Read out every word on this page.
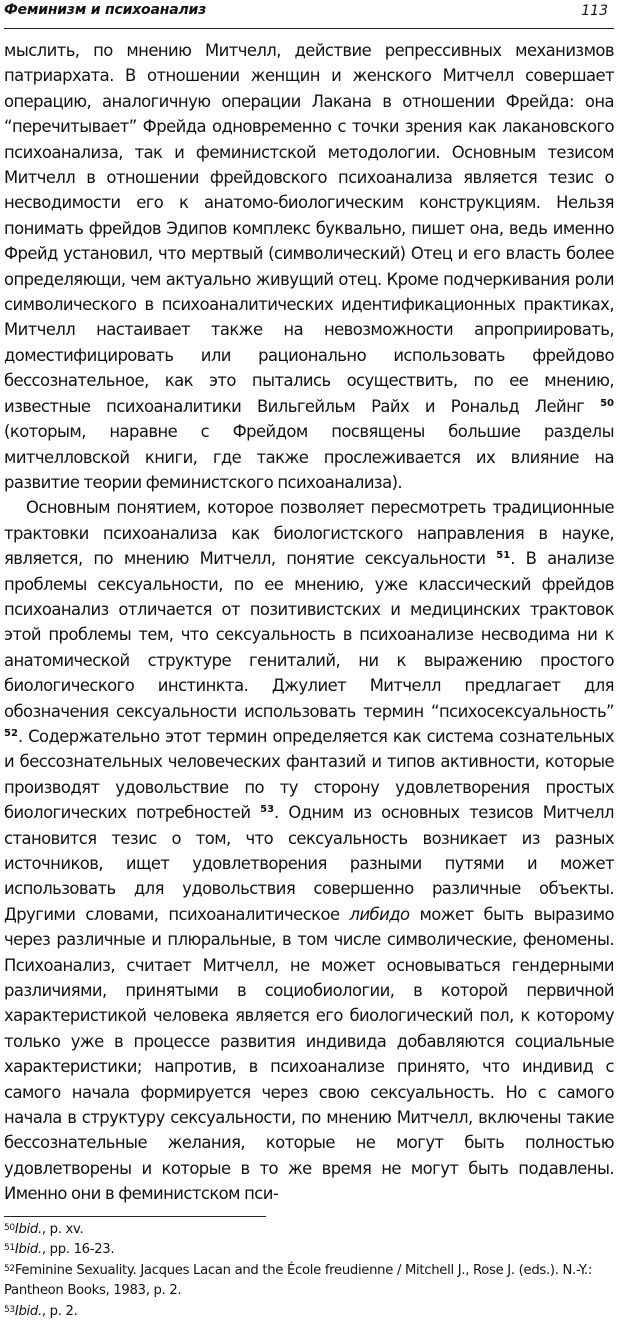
Феминизм и психоанализ	113

мыслить, по мнению Митчелл, действие репрессивных механизмов патриархата. В отношении женщин и женского Митчелл совершает операцию, аналогичную операции Лакана в отношении Фрейда: она “перечитывает” Фрейда одновременно с точки зрения как лакановского психоанализа, так и феминистской методологии. Основным тезисом Митчелл в отношении фрейдовского психоанализа является тезис о несводимости его к анатомо-биологическим конструкциям. Нельзя понимать фрейдов Эдипов комплекс буквально, пишет она, ведь именно Фрейд установил, что мертвый (символический) Отец и его власть более определяющи, чем актуально живущий отец. Кроме подчеркивания роли символического в психоаналитических идентификационных практиках, Митчелл настаивает также на невозможности апроприировать, доместифицировать или рационально использовать фрейдово бессознательное, как это пытались осуществить, по ее мнению, известные психоаналитики Вильгейльм Райх и Рональд Лейнг $^{50}$ (которым, наравне с Фрейдом посвящены большие разделы митчелловской книги, где также прослеживается их влияние на развитие теории феминистского психоанализа).

Основным понятием, которое позволяет пересмотреть традиционные трактовки психоанализа как биологистского направления в науке, является, по мнению Митчелл, понятие сексуальности $^{51}$. В анализе проблемы сексуальности, по ее мнению, уже классический фрейдов психоанализ отличается от позитивистских и медицинских трактовок этой проблемы тем, что сексуальность в психоанализе несводима ни к анатомической структуре гениталий, ни к выражению простого биологического инстинкта. Джулиет Митчелл предлагает для обозначения сексуальности использовать термин “психосексуальность” $^{52}$. Содержательно этот термин определяется как система сознательных и бессознательных человеческих фантазий и типов активности, которые производят удовольствие по ту сторону удовлетворения простых биологических потребностей $^{53}$. Одним из основных тезисов Митчелл становится тезис о том, что сексуальность возникает из разных источников, ищет удовлетворения разными путями и может использовать для удовольствия совершенно различные объекты. Другими словами, психоаналитическое либидо может быть выразимо через различные и плюральные, в том числе символические, феномены. Психоанализ, считает Митчелл, не может основываться гендерными различиями, принятыми в социобиологии, в которой первичной характеристикой человека является его биологический пол, к которому только уже в процессе развития индивида добавляются социальные характеристики; напротив, в психоанализе принято, что индивид с самого начала формируется через свою сексуальность. Но с самого начала в структуру сексуальности, по мнению Митчелл, включены такие бессознательные желания, которые не могут быть полностью удовлетворены и которые в то же время не могут быть подавлены. Именно они в феминистском пси-

$^{50}$Ibid., p. xv.
$^{51}$Ibid., pp. 16-23.
$^{52}$Feminine Sexuality. Jacques Lacan and the École freudienne / Mitchell J., Rose J. (eds.). N.-Y.: Pantheon Books, 1983, p. 2.
$^{53}$Ibid., p. 2.
